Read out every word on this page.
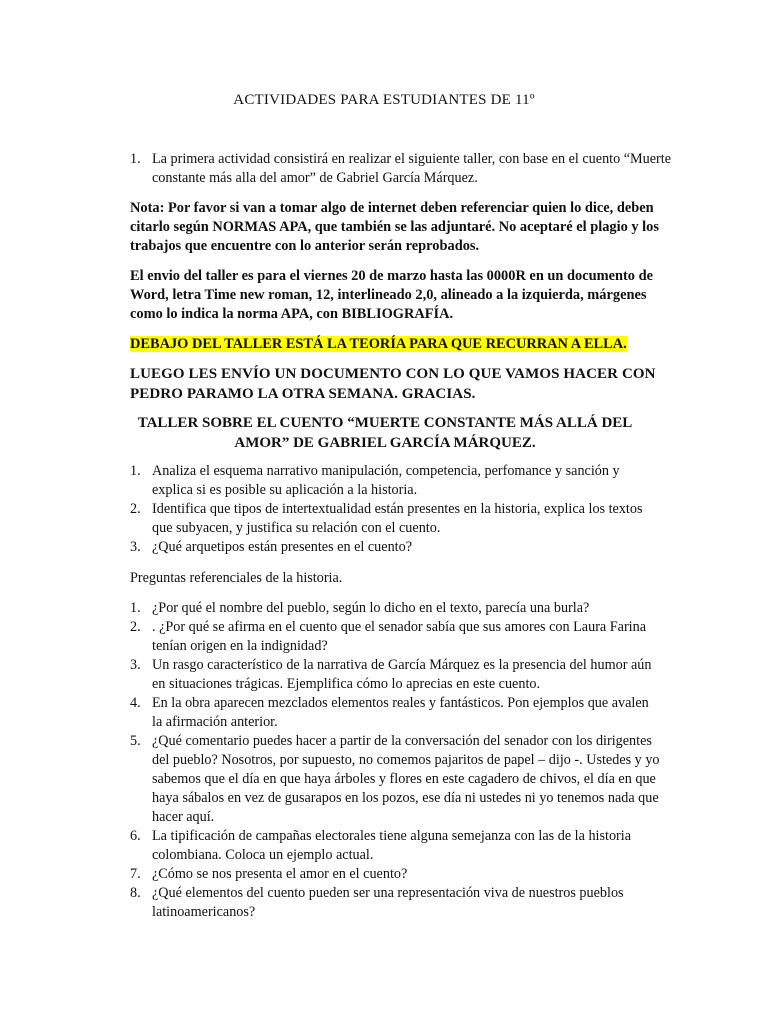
ACTIVIDADES PARA ESTUDIANTES DE 11º
1. La primera actividad consistirá en realizar el siguiente taller, con base en el cuento “Muerte constante más alla del amor” de Gabriel García Márquez.
Nota: Por favor si van a tomar algo de internet deben referenciar quien lo dice, deben citarlo según NORMAS APA, que también se las adjuntaré. No aceptaré el plagio y los trabajos que encuentre con lo anterior serán reprobados.
El envio del taller es para el viernes 20 de marzo hasta las 0000R en un documento de Word, letra Time new roman, 12, interlineado 2,0, alineado a la izquierda, márgenes como lo indica la norma APA, con BIBLIOGRAFÍA.
DEBAJO DEL TALLER ESTÁ LA TEORÍA PARA QUE RECURRAN A ELLA.
LUEGO LES ENVÍO UN DOCUMENTO CON LO QUE VAMOS HACER CON PEDRO PARAMO LA OTRA SEMANA. GRACIAS.
TALLER SOBRE EL CUENTO “MUERTE CONSTANTE MÁS ALLÁ DEL AMOR” DE GABRIEL GARCÍA MÁRQUEZ.
1. Analiza el esquema narrativo manipulación, competencia, perfomance y sanción y explica si es posible su aplicación a la historia.
2. Identifica que tipos de intertextualidad están presentes en la historia, explica los textos que subyacen, y justifica su relación con el cuento.
3. ¿Qué arquetipos están presentes en el cuento?
Preguntas referenciales de la historia.
1. ¿Por qué el nombre del pueblo, según lo dicho en el texto, parecía una burla?
2. . ¿Por qué se afirma en el cuento que el senador sabía que sus amores con Laura Farina tenían origen en la indignidad?
3. Un rasgo característico de la narrativa de García Márquez es la presencia del humor aún en situaciones trágicas. Ejemplifica cómo lo aprecias en este cuento.
4. En la obra aparecen mezclados elementos reales y fantásticos. Pon ejemplos que avalen la afirmación anterior.
5. ¿Qué comentario puedes hacer a partir de la conversación del senador con los dirigentes del pueblo? Nosotros, por supuesto, no comemos pajaritos de papel – dijo -. Ustedes y yo sabemos que el día en que haya árboles y flores en este cagadero de chivos, el día en que haya sábalos en vez de gusarapos en los pozos, ese día ni ustedes ni yo tenemos nada que hacer aquí.
6. La tipificación de campañas electorales tiene alguna semejanza con las de la historia colombiana. Coloca un ejemplo actual.
7. ¿Cómo se nos presenta el amor en el cuento?
8. ¿Qué elementos del cuento pueden ser una representación viva de nuestros pueblos latinoamericanos?
